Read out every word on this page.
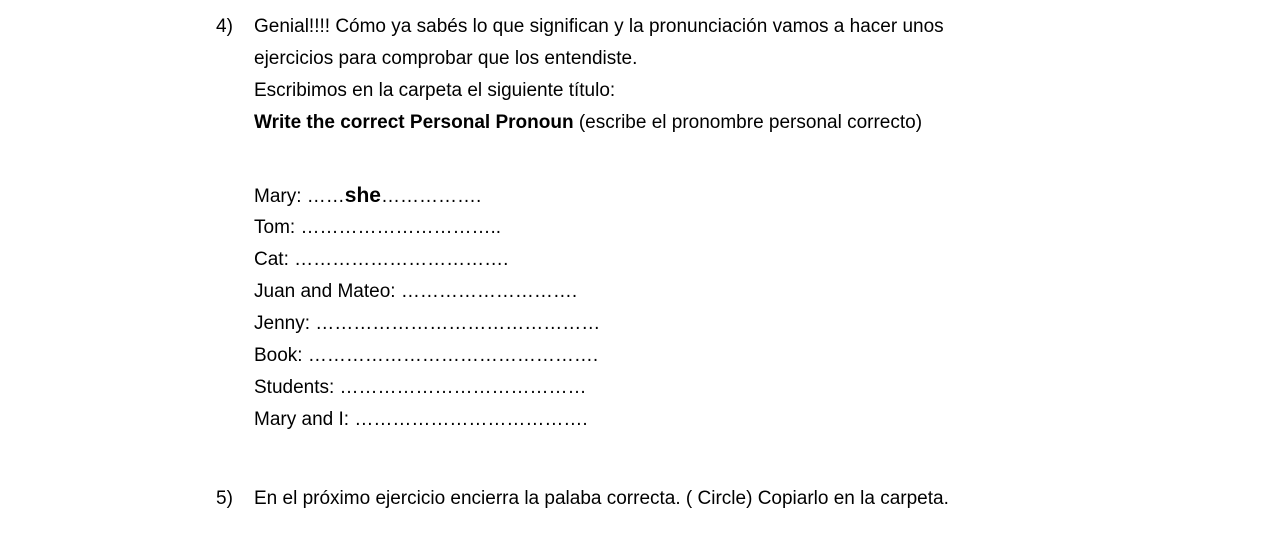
4) Genial!!!! Cómo ya sabés lo que significan y la pronunciación vamos a hacer unos
ejercicios para comprobar que los entendiste.
Escribimos en la carpeta el siguiente título:
Write the correct Personal Pronoun (escribe el pronombre personal correcto)
Mary: ……she…………….
Tom: …………………………..
Cat: …………………………….
Juan and Mateo: ……………………….
Jenny: ………………………………………
Book: ……………………………………….
Students: …………………………………
Mary and I: ……………………………….
5) En el próximo ejercicio encierra la palaba correcta. ( Circle) Copiarlo en la carpeta.
